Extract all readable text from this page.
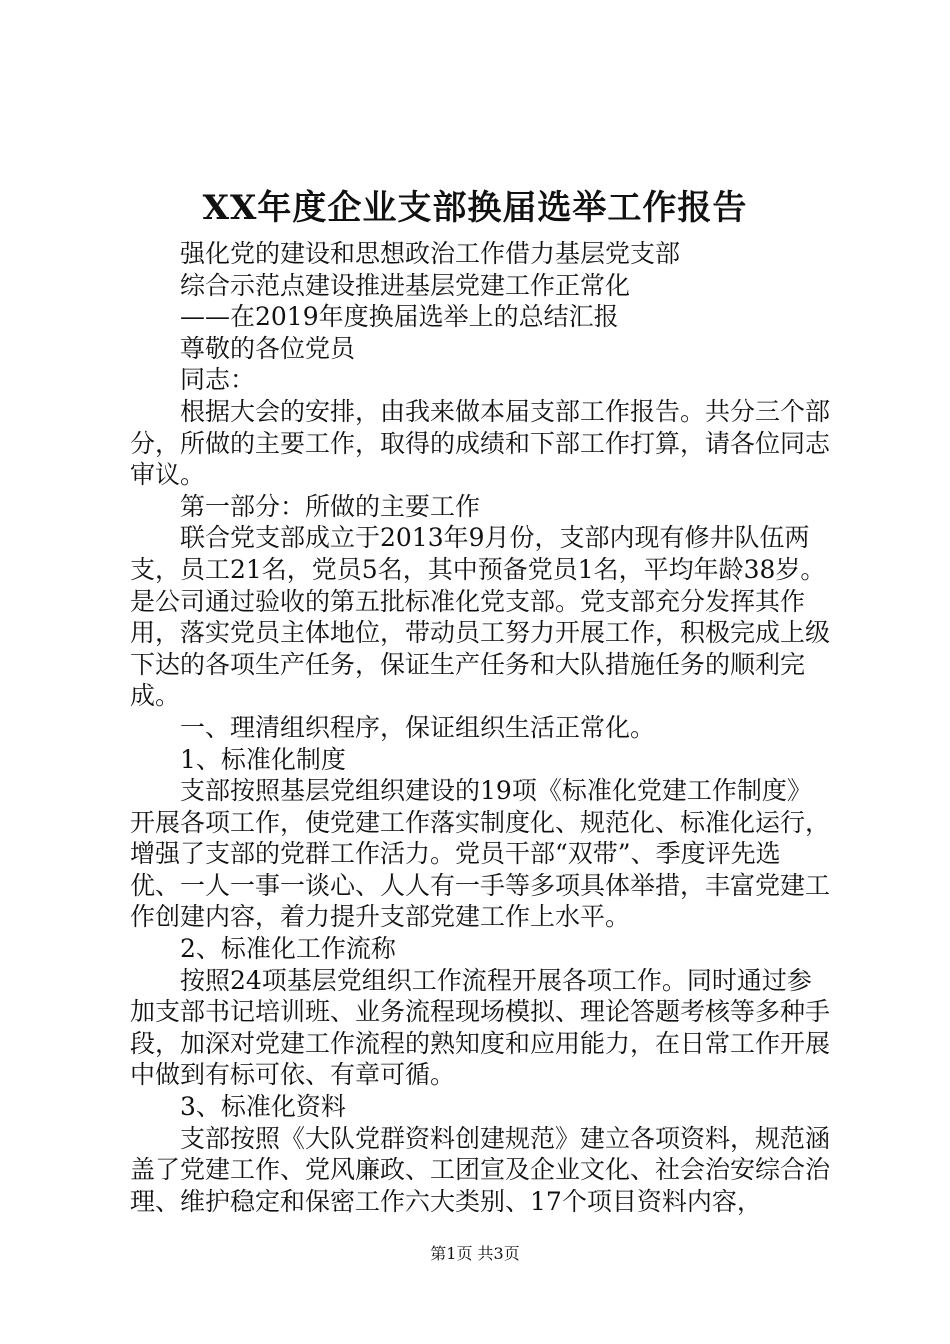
XX年度企业支部换届选举工作报告

强化党的建设和思想政治工作借力基层党支部

综合示范点建设推进基层党建工作正常化

——在2019年度换届选举上的总结汇报

尊敬的各位党员

同志：

根据大会的安排，由我来做本届支部工作报告。共分三个部分，所做的主要工作，取得的成绩和下部工作打算，请各位同志审议。

第一部分：所做的主要工作

联合党支部成立于2013年9月份，支部内现有修井队伍两支，员工21名，党员5名，其中预备党员1名，平均年龄38岁。是公司通过验收的第五批标准化党支部。党支部充分发挥其作用，落实党员主体地位，带动员工努力开展工作，积极完成上级下达的各项生产任务，保证生产任务和大队措施任务的顺利完成。

一、理清组织程序，保证组织生活正常化。

1、标准化制度

支部按照基层党组织建设的19项《标准化党建工作制度》开展各项工作，使党建工作落实制度化、规范化、标准化运行，增强了支部的党群工作活力。党员干部“双带”、季度评先选优、一人一事一谈心、人人有一手等多项具体举措，丰富党建工作创建内容，着力提升支部党建工作上水平。

2、标准化工作流称

按照24项基层党组织工作流程开展各项工作。同时通过参加支部书记培训班、业务流程现场模拟、理论答题考核等多种手段，加深对党建工作流程的熟知度和应用能力，在日常工作开展中做到有标可依、有章可循。

3、标准化资料

支部按照《大队党群资料创建规范》建立各项资料，规范涵盖了党建工作、党风廉政、工团宣及企业文化、社会治安综合治理、维护稳定和保密工作六大类别、17个项目资料内容，

第1页 共3页
